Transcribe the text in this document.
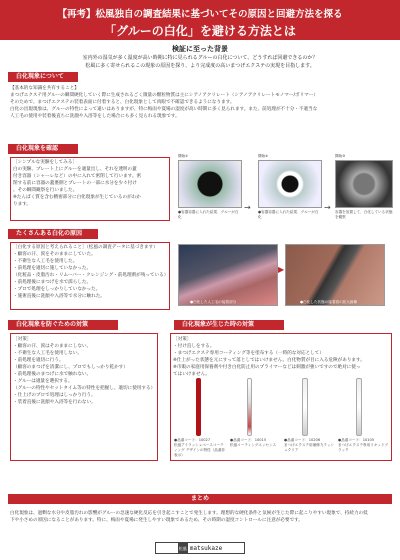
【再考】松風独自の調査結果に基づいてその原因と回避方法を探る
「グルーの白化」を避ける方法とは
検証に至った背景
室内外の湿気が多く温度が高い時期に特に見られるグルーの白化について、どうすれば回避できるのか？
松風に多く寄せられるこの現象の原因を探り、より完成度の高いまつげエクステの実現を目指します。
白化現象について
【基本的な知識を共有すること】
まつげエクステ用グルーの瞬間硬化していく際に生成されるごく微量の顆粒物質は主にシアノアクリレート（シアノアクリレートモノマー/ポリマー）
そのためで、まつげエクステの装着表面に付着すると、白化現象として肉眼で不確認できるようになります。
白化の出現現象は、グルーの特性によって違いはありますが、特に梅雨や夏場の湿度が高い時期に多く見られます。また、前処理が不十分・不適当な
人工毛の使用や装着後直ちに洗顔や入浴等をした場合にも多く見られる現象です。
白化現象を確認
［シンプルな実験をしてみる］
白の実験、プレート上にグルーを適量出し、それを透明の蓋
付き容器（シャーレなど）の中に入れて密閉して行います。密
閉する前に容器の蓋裏側とプレートの一部に水分を少々付け
、その瞬間観察を行いました。
※たんばく質を含む精密部分に白化現象が生じているのがわか
ります。
開始①
●容器容器に入れた結果、グルーが白化
開始②
●容器容器に入れた結果、グルーが白化
開始③
容器を放置して、白化している状態を観察
→	→
たくさんある白化の原因
［白化する原因と考えられること］（松風の調査データに基づきます）
・顧客の汗、涙をそのままにしていた。
・不衛生な人工毛を使用した。
・前処理を適切に施していなかった。
（化粧品・皮脂汚れ・リムーバー・クレンジング・前処理剤が残っている）
・前処理後にまつげを水で濡らした。
・プロで処理をしっかりしていなかった。
・施術直後に洗顔や入浴等で水分に触れた。
●白化した人工毛の接着部分	●白化した状態の接着面の拡大画像
▶
白化現象を防ぐための対策
［対策］
・顧客の汗、涙はそのままにしない。
・不衛生な人工毛を使用しない。
・前処理を適切に行う。
（顧客のまつげを清潔にし、プロでもしっかり乾かす）
・前処理後のまつげに水で触れない。
・グルーは適量を選択する。
（グルーの特性やセットタイム等の特性を把握し、適切に使用する）
・仕上げのプロで処理はしっかり行う。
・装着直後に洗顔や入浴等を行わない。
白化現象が生じた時の対策
［対策］
・付け直しをする。
・まつげエクステ専用コーティング等を塗布する（一時的な対応として）
※仕上がった状態を元にすって落としではいけません。白化物質が目に入る危険があります。
※市販の家庭用保養剤や付き白化防止用のプライマーなどは刺激が強いですので絶対に使っ
てはいけません。
●品番コード：10027
松風アイラッシュベースコーティング デザインの特性（品番非表示）
●品番コード：10015
松風コーティングエッセンス
●品番コード：10206
まつげエクステ用補修力ラッシュクリア
●品番コード：10105
まつげエクステ専用リキッドブラック
まとめ
白化現象は、過剰な水分や皮脂汚れの影響がグルーの急速な硬化反応を引き起こすことで発生します。理想的な硬化条件と気候が生じた際に起こりやすい現象で、持続力の低
下や小さめの原因になることがあります。特に、梅雨や夏場に発生しやすい現象であるため、その時期の湿度コントロールに注意が必要です。
松風 matsukaze
